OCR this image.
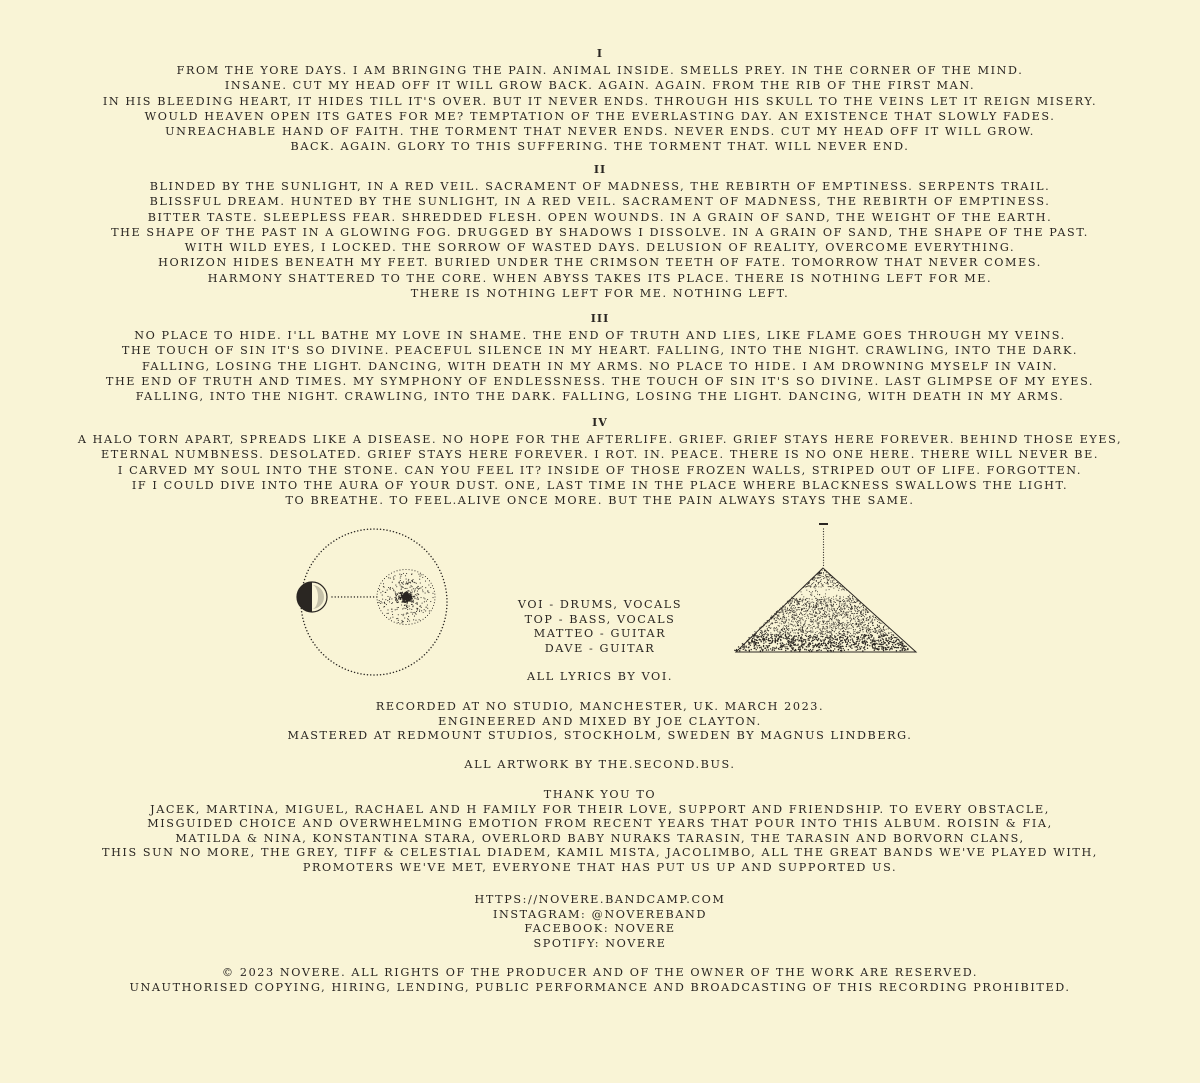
I
FROM THE YORE DAYS. I AM BRINGING THE PAIN. ANIMAL INSIDE. SMELLS PREY. IN THE CORNER OF THE MIND.
INSANE. CUT MY HEAD OFF IT WILL GROW BACK. AGAIN. AGAIN. FROM THE RIB OF THE FIRST MAN.
IN HIS BLEEDING HEART, IT HIDES TILL IT'S OVER. BUT IT NEVER ENDS. THROUGH HIS SKULL TO THE VEINS LET IT REIGN MISERY.
WOULD HEAVEN OPEN ITS GATES FOR ME? TEMPTATION OF THE EVERLASTING DAY. AN EXISTENCE THAT SLOWLY FADES.
UNREACHABLE HAND OF FAITH. THE TORMENT THAT NEVER ENDS. NEVER ENDS. CUT MY HEAD OFF IT WILL GROW.
BACK. AGAIN. GLORY TO THIS SUFFERING. THE TORMENT THAT. WILL NEVER END.
II
BLINDED BY THE SUNLIGHT, IN A RED VEIL. SACRAMENT OF MADNESS, THE REBIRTH OF EMPTINESS. SERPENTS TRAIL.
BLISSFUL DREAM. HUNTED BY THE SUNLIGHT, IN A RED VEIL. SACRAMENT OF MADNESS, THE REBIRTH OF EMPTINESS.
BITTER TASTE. SLEEPLESS FEAR. SHREDDED FLESH. OPEN WOUNDS. IN A GRAIN OF SAND, THE WEIGHT OF THE EARTH.
THE SHAPE OF THE PAST IN A GLOWING FOG. DRUGGED BY SHADOWS I DISSOLVE. IN A GRAIN OF SAND, THE SHAPE OF THE PAST.
WITH WILD EYES, I LOCKED. THE SORROW OF WASTED DAYS. DELUSION OF REALITY, OVERCOME EVERYTHING.
HORIZON HIDES BENEATH MY FEET. BURIED UNDER THE CRIMSON TEETH OF FATE. TOMORROW THAT NEVER COMES.
HARMONY SHATTERED TO THE CORE. WHEN ABYSS TAKES ITS PLACE. THERE IS NOTHING LEFT FOR ME.
THERE IS NOTHING LEFT FOR ME. NOTHING LEFT.
III
NO PLACE TO HIDE. I'LL BATHE MY LOVE IN SHAME. THE END OF TRUTH AND LIES, LIKE FLAME GOES THROUGH MY VEINS.
THE TOUCH OF SIN IT'S SO DIVINE. PEACEFUL SILENCE IN MY HEART. FALLING, INTO THE NIGHT. CRAWLING, INTO THE DARK.
FALLING, LOSING THE LIGHT. DANCING, WITH DEATH IN MY ARMS. NO PLACE TO HIDE. I AM DROWNING MYSELF IN VAIN.
THE END OF TRUTH AND TIMES. MY SYMPHONY OF ENDLESSNESS. THE TOUCH OF SIN IT'S SO DIVINE. LAST GLIMPSE OF MY EYES.
FALLING, INTO THE NIGHT. CRAWLING, INTO THE DARK. FALLING, LOSING THE LIGHT. DANCING, WITH DEATH IN MY ARMS.
IV
A HALO TORN APART, SPREADS LIKE A DISEASE. NO HOPE FOR THE AFTERLIFE. GRIEF. GRIEF STAYS HERE FOREVER. BEHIND THOSE EYES,
ETERNAL NUMBNESS. DESOLATED. GRIEF STAYS HERE FOREVER. I ROT. IN. PEACE. THERE IS NO ONE HERE. THERE WILL NEVER BE.
I CARVED MY SOUL INTO THE STONE. CAN YOU FEEL IT? INSIDE OF THOSE FROZEN WALLS, STRIPED OUT OF LIFE. FORGOTTEN.
IF I COULD DIVE INTO THE AURA OF YOUR DUST. ONE, LAST TIME IN THE PLACE WHERE BLACKNESS SWALLOWS THE LIGHT.
TO BREATHE. TO FEEL.ALIVE ONCE MORE. BUT THE PAIN ALWAYS STAYS THE SAME.
VOI - DRUMS, VOCALS
TOP - BASS, VOCALS
MATTEO - GUITAR
DAVE - GUITAR
ALL LYRICS BY VOI.
RECORDED AT NO STUDIO, MANCHESTER, UK. MARCH 2023.
ENGINEERED AND MIXED BY JOE CLAYTON.
MASTERED AT REDMOUNT STUDIOS, STOCKHOLM, SWEDEN BY MAGNUS LINDBERG.
ALL ARTWORK BY THE.SECOND.BUS.
THANK YOU TO
JACEK, MARTINA, MIGUEL, RACHAEL AND H FAMILY FOR THEIR LOVE, SUPPORT AND FRIENDSHIP. TO EVERY OBSTACLE,
MISGUIDED CHOICE AND OVERWHELMING EMOTION FROM RECENT YEARS THAT POUR INTO THIS ALBUM. ROISIN & FIA,
MATILDA & NINA, KONSTANTINA STARA, OVERLORD BABY NURAKS TARASIN, THE TARASIN AND BORVORN CLANS,
THIS SUN NO MORE, THE GREY, TIFF & CELESTIAL DIADEM, KAMIL MISTA, JACOLIMBO, ALL THE GREAT BANDS WE'VE PLAYED WITH,
PROMOTERS WE'VE MET, EVERYONE THAT HAS PUT US UP AND SUPPORTED US.
HTTPS://NOVERE.BANDCAMP.COM
INSTAGRAM: @NOVEREBAND
FACEBOOK: NOVERE
SPOTIFY: NOVERE
© 2023 NOVERE. ALL RIGHTS OF THE PRODUCER AND OF THE OWNER OF THE WORK ARE RESERVED.
UNAUTHORISED COPYING, HIRING, LENDING, PUBLIC PERFORMANCE AND BROADCASTING OF THIS RECORDING PROHIBITED.
